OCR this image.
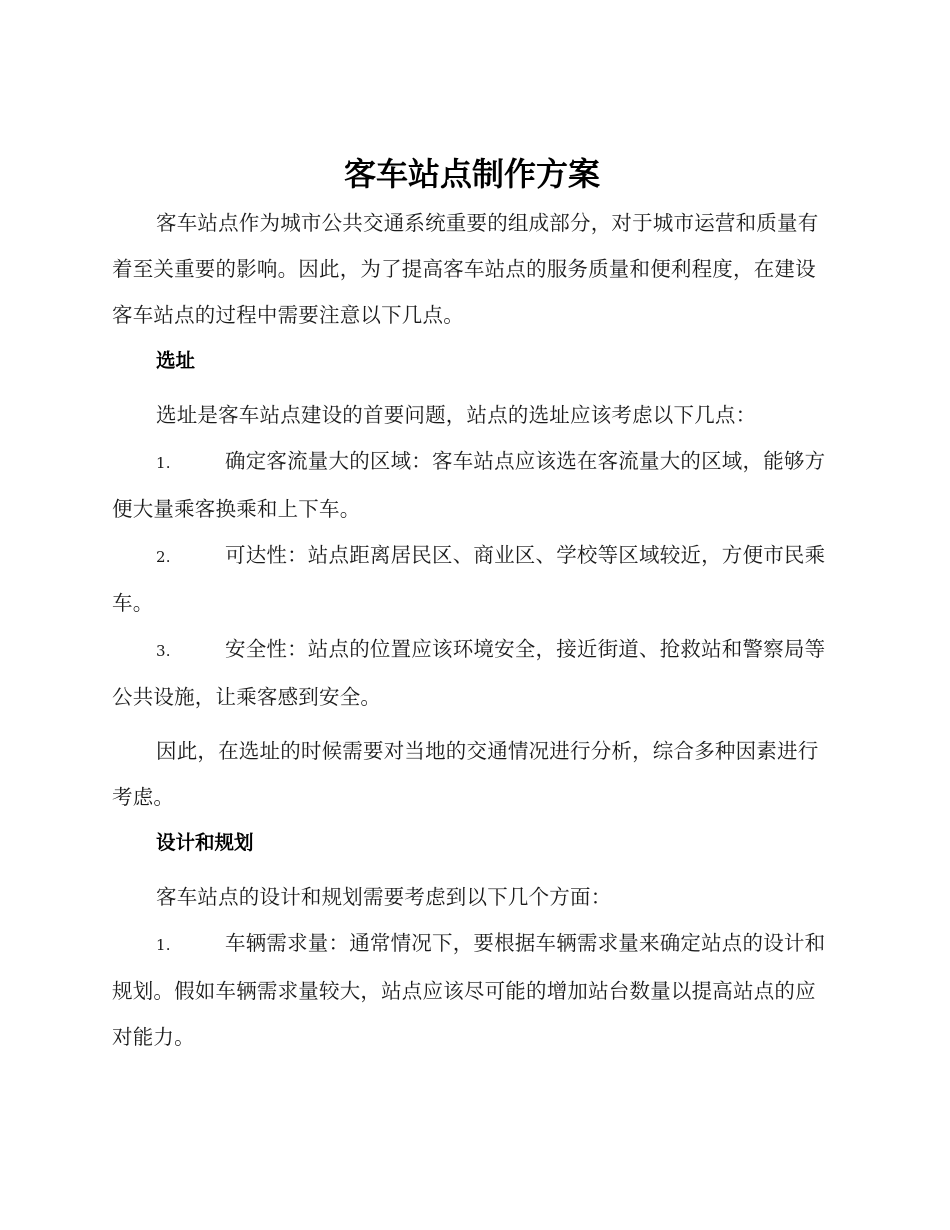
客车站点制作方案

客车站点作为城市公共交通系统重要的组成部分，对于城市运营和质量有着至关重要的影响。因此，为了提高客车站点的服务质量和便利程度，在建设客车站点的过程中需要注意以下几点。

选址

选址是客车站点建设的首要问题，站点的选址应该考虑以下几点：

1.	确定客流量大的区域：客车站点应该选在客流量大的区域，能够方便大量乘客换乘和上下车。

2.	可达性：站点距离居民区、商业区、学校等区域较近，方便市民乘车。

3.	安全性：站点的位置应该环境安全，接近街道、抢救站和警察局等公共设施，让乘客感到安全。

因此，在选址的时候需要对当地的交通情况进行分析，综合多种因素进行考虑。

设计和规划

客车站点的设计和规划需要考虑到以下几个方面：

1.	车辆需求量：通常情况下，要根据车辆需求量来确定站点的设计和规划。假如车辆需求量较大，站点应该尽可能的增加站台数量以提高站点的应对能力。
